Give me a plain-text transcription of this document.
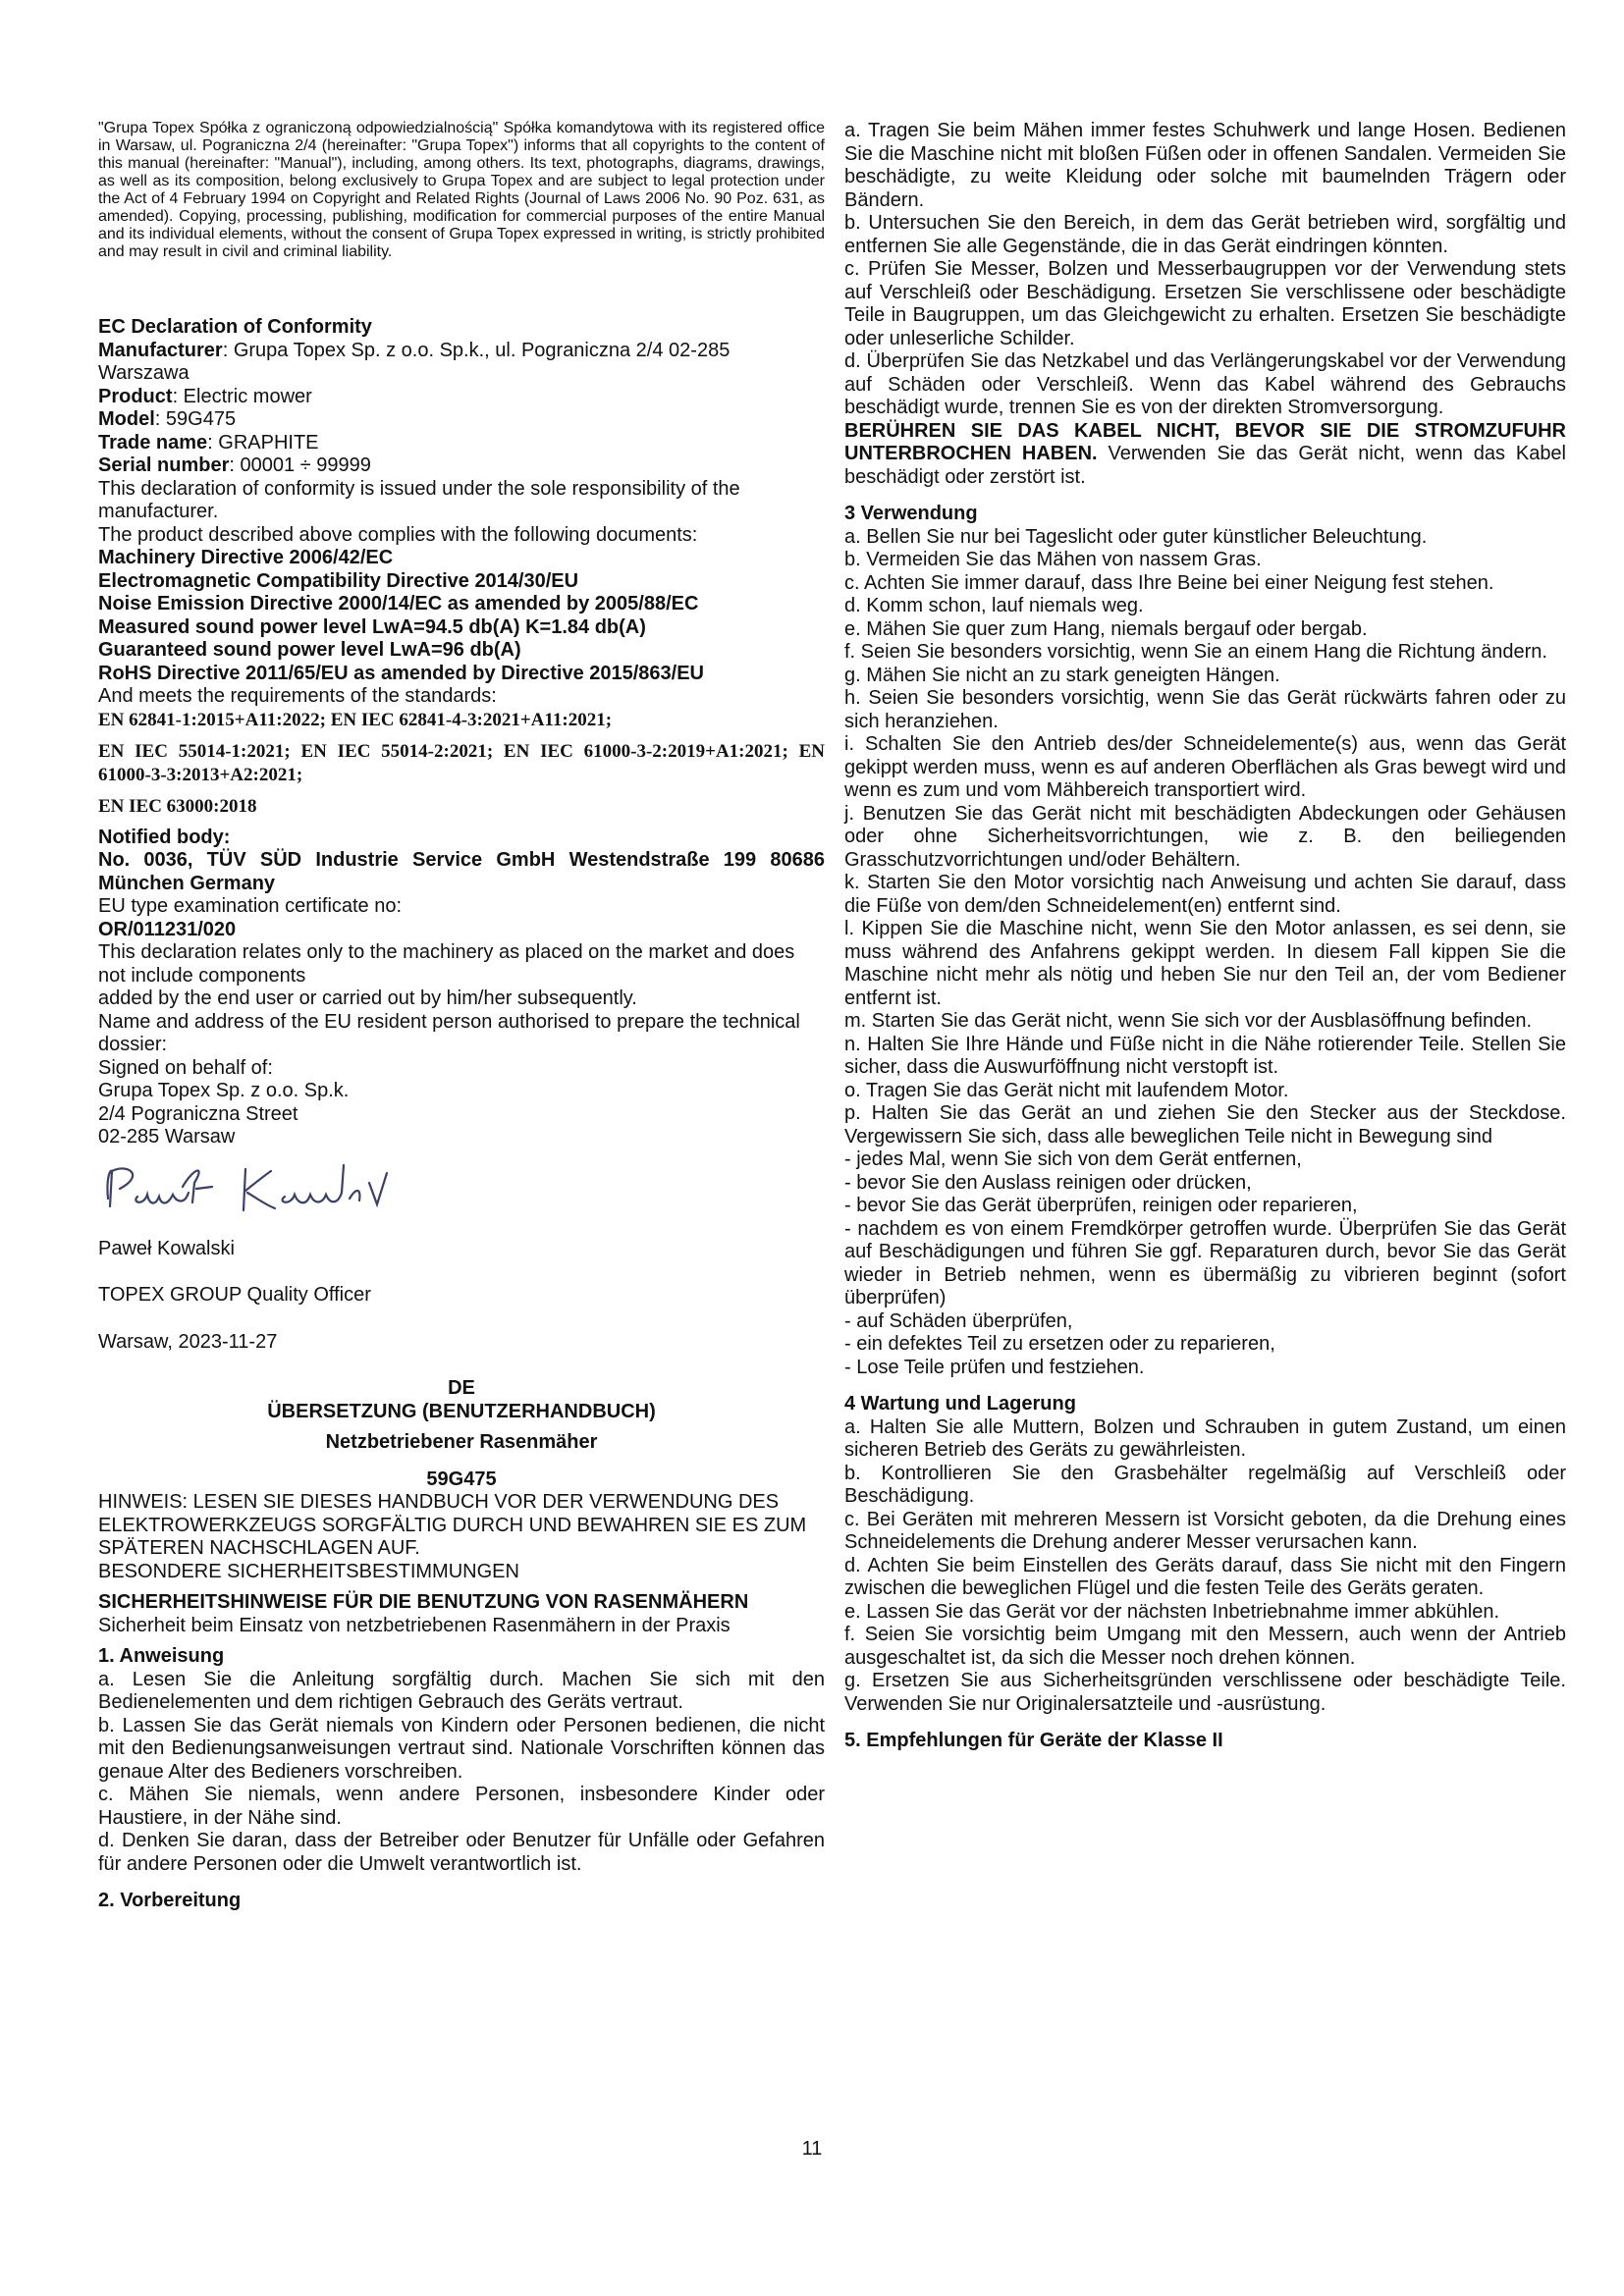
"Grupa Topex Spółka z ograniczoną odpowiedzialnością" Spółka komandytowa with its registered office in Warsaw, ul. Pograniczna 2/4 (hereinafter: "Grupa Topex") informs that all copyrights to the content of this manual (hereinafter: "Manual"), including, among others. Its text, photographs, diagrams, drawings, as well as its composition, belong exclusively to Grupa Topex and are subject to legal protection under the Act of 4 February 1994 on Copyright and Related Rights (Journal of Laws 2006 No. 90 Poz. 631, as amended). Copying, processing, publishing, modification for commercial purposes of the entire Manual and its individual elements, without the consent of Grupa Topex expressed in writing, is strictly prohibited and may result in civil and criminal liability.

EC Declaration of Conformity

Manufacturer: Grupa Topex Sp. z o.o. Sp.k., ul. Pograniczna 2/4 02-285 Warszawa

Product: Electric mower

Model: 59G475

Trade name: GRAPHITE

Serial number: 00001 ÷ 99999

This declaration of conformity is issued under the sole responsibility of the manufacturer.

The product described above complies with the following documents:

Machinery Directive 2006/42/EC

Electromagnetic Compatibility Directive 2014/30/EU

Noise Emission Directive 2000/14/EC as amended by 2005/88/EC

Measured sound power level LwA=94.5 db(A) K=1.84 db(A)

Guaranteed sound power level LwA=96 db(A)

RoHS Directive 2011/65/EU as amended by Directive 2015/863/EU

And meets the requirements of the standards:

EN 62841-1:2015+A11:2022; EN IEC 62841-4-3:2021+A11:2021;

EN IEC 55014-1:2021; EN IEC 55014-2:2021; EN IEC 61000-3-2:2019+A1:2021; EN 61000-3-3:2013+A2:2021;

EN IEC 63000:2018

Notified body:

No. 0036, TÜV SÜD Industrie Service GmbH Westendstraße 199 80686 München Germany

EU type examination certificate no:

OR/011231/020

This declaration relates only to the machinery as placed on the market and does not include components

added by the end user or carried out by him/her subsequently.

Name and address of the EU resident person authorised to prepare the technical dossier:

Signed on behalf of:

Grupa Topex Sp. z o.o. Sp.k.

2/4 Pograniczna Street

02-285 Warsaw

Paweł Kowalski

TOPEX GROUP Quality Officer

Warsaw, 2023-11-27

DE

ÜBERSETZUNG (BENUTZERHANDBUCH)

Netzbetriebener Rasenmäher

59G475

HINWEIS: LESEN SIE DIESES HANDBUCH VOR DER VERWENDUNG DES ELEKTROWERKZEUGS SORGFÄLTIG DURCH UND BEWAHREN SIE ES ZUM SPÄTEREN NACHSCHLAGEN AUF.

BESONDERE SICHERHEITSBESTIMMUNGEN

SICHERHEITSHINWEISE FÜR DIE BENUTZUNG VON RASENMÄHERN

Sicherheit beim Einsatz von netzbetriebenen Rasenmähern in der Praxis

1. Anweisung

a. Lesen Sie die Anleitung sorgfältig durch. Machen Sie sich mit den Bedienelementen und dem richtigen Gebrauch des Geräts vertraut.

b. Lassen Sie das Gerät niemals von Kindern oder Personen bedienen, die nicht mit den Bedienungsanweisungen vertraut sind. Nationale Vorschriften können das genaue Alter des Bedieners vorschreiben.

c. Mähen Sie niemals, wenn andere Personen, insbesondere Kinder oder Haustiere, in der Nähe sind.

d. Denken Sie daran, dass der Betreiber oder Benutzer für Unfälle oder Gefahren für andere Personen oder die Umwelt verantwortlich ist.

2. Vorbereitung

a. Tragen Sie beim Mähen immer festes Schuhwerk und lange Hosen. Bedienen Sie die Maschine nicht mit bloßen Füßen oder in offenen Sandalen. Vermeiden Sie beschädigte, zu weite Kleidung oder solche mit baumelnden Trägern oder Bändern.

b. Untersuchen Sie den Bereich, in dem das Gerät betrieben wird, sorgfältig und entfernen Sie alle Gegenstände, die in das Gerät eindringen könnten.

c. Prüfen Sie Messer, Bolzen und Messerbaugruppen vor der Verwendung stets auf Verschleiß oder Beschädigung. Ersetzen Sie verschlissene oder beschädigte Teile in Baugruppen, um das Gleichgewicht zu erhalten. Ersetzen Sie beschädigte oder unleserliche Schilder.

d. Überprüfen Sie das Netzkabel und das Verlängerungskabel vor der Verwendung auf Schäden oder Verschleiß. Wenn das Kabel während des Gebrauchs beschädigt wurde, trennen Sie es von der direkten Stromversorgung.

BERÜHREN SIE DAS KABEL NICHT, BEVOR SIE DIE STROMZUFUHR UNTERBROCHEN HABEN. Verwenden Sie das Gerät nicht, wenn das Kabel beschädigt oder zerstört ist.

3 Verwendung

a. Bellen Sie nur bei Tageslicht oder guter künstlicher Beleuchtung.

b. Vermeiden Sie das Mähen von nassem Gras.

c. Achten Sie immer darauf, dass Ihre Beine bei einer Neigung fest stehen.

d. Komm schon, lauf niemals weg.

e. Mähen Sie quer zum Hang, niemals bergauf oder bergab.

f. Seien Sie besonders vorsichtig, wenn Sie an einem Hang die Richtung ändern.

g. Mähen Sie nicht an zu stark geneigten Hängen.

h. Seien Sie besonders vorsichtig, wenn Sie das Gerät rückwärts fahren oder zu sich heranziehen.

i. Schalten Sie den Antrieb des/der Schneidelemente(s) aus, wenn das Gerät gekippt werden muss, wenn es auf anderen Oberflächen als Gras bewegt wird und wenn es zum und vom Mähbereich transportiert wird.

j. Benutzen Sie das Gerät nicht mit beschädigten Abdeckungen oder Gehäusen oder ohne Sicherheitsvorrichtungen, wie z. B. den beiliegenden Grasschutzvorrichtungen und/oder Behältern.

k. Starten Sie den Motor vorsichtig nach Anweisung und achten Sie darauf, dass die Füße von dem/den Schneidelement(en) entfernt sind.

l. Kippen Sie die Maschine nicht, wenn Sie den Motor anlassen, es sei denn, sie muss während des Anfahrens gekippt werden. In diesem Fall kippen Sie die Maschine nicht mehr als nötig und heben Sie nur den Teil an, der vom Bediener entfernt ist.

m. Starten Sie das Gerät nicht, wenn Sie sich vor der Ausblasöffnung befinden.

n. Halten Sie Ihre Hände und Füße nicht in die Nähe rotierender Teile. Stellen Sie sicher, dass die Auswurföffnung nicht verstopft ist.

o. Tragen Sie das Gerät nicht mit laufendem Motor.

p. Halten Sie das Gerät an und ziehen Sie den Stecker aus der Steckdose. Vergewissern Sie sich, dass alle beweglichen Teile nicht in Bewegung sind

- jedes Mal, wenn Sie sich von dem Gerät entfernen,

- bevor Sie den Auslass reinigen oder drücken,

- bevor Sie das Gerät überprüfen, reinigen oder reparieren,

- nachdem es von einem Fremdkörper getroffen wurde. Überprüfen Sie das Gerät auf Beschädigungen und führen Sie ggf. Reparaturen durch, bevor Sie das Gerät wieder in Betrieb nehmen, wenn es übermäßig zu vibrieren beginnt (sofort überprüfen)

- auf Schäden überprüfen,

- ein defektes Teil zu ersetzen oder zu reparieren,

- Lose Teile prüfen und festziehen.

4 Wartung und Lagerung

a. Halten Sie alle Muttern, Bolzen und Schrauben in gutem Zustand, um einen sicheren Betrieb des Geräts zu gewährleisten.

b. Kontrollieren Sie den Grasbehälter regelmäßig auf Verschleiß oder Beschädigung.

c. Bei Geräten mit mehreren Messern ist Vorsicht geboten, da die Drehung eines Schneidelements die Drehung anderer Messer verursachen kann.

d. Achten Sie beim Einstellen des Geräts darauf, dass Sie nicht mit den Fingern zwischen die beweglichen Flügel und die festen Teile des Geräts geraten.

e. Lassen Sie das Gerät vor der nächsten Inbetriebnahme immer abkühlen.

f. Seien Sie vorsichtig beim Umgang mit den Messern, auch wenn der Antrieb ausgeschaltet ist, da sich die Messer noch drehen können.

g. Ersetzen Sie aus Sicherheitsgründen verschlissene oder beschädigte Teile. Verwenden Sie nur Originalersatzteile und -ausrüstung.

5. Empfehlungen für Geräte der Klasse II

11
